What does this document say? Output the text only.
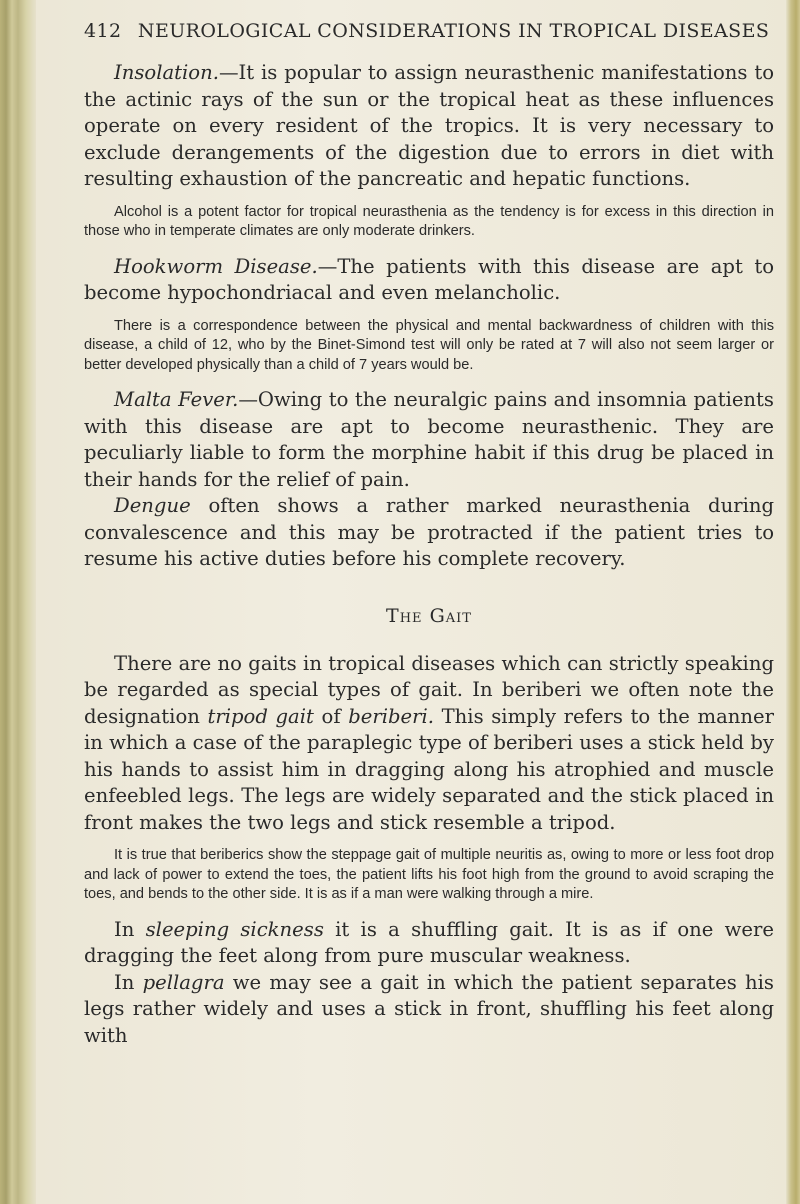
412 NEUROLOGICAL CONSIDERATIONS IN TROPICAL DISEASES

Insolation.—It is popular to assign neurasthenic manifestations to the actinic rays of the sun or the tropical heat as these influences operate on every resident of the tropics. It is very necessary to exclude derangements of the digestion due to errors in diet with resulting exhaustion of the pancreatic and hepatic functions.

Alcohol is a potent factor for tropical neurasthenia as the tendency is for excess in this direction in those who in temperate climates are only moderate drinkers.

Hookworm Disease.—The patients with this disease are apt to become hypochondriacal and even melancholic.

There is a correspondence between the physical and mental backwardness of children with this disease, a child of 12, who by the Binet-Simond test will only be rated at 7 will also not seem larger or better developed physically than a child of 7 years would be.

Malta Fever.—Owing to the neuralgic pains and insomnia patients with this disease are apt to become neurasthenic. They are peculiarly liable to form the morphine habit if this drug be placed in their hands for the relief of pain.

Dengue often shows a rather marked neurasthenia during convalescence and this may be protracted if the patient tries to resume his active duties before his complete recovery.

The Gait

There are no gaits in tropical diseases which can strictly speaking be regarded as special types of gait. In beriberi we often note the designation tripod gait of beriberi. This simply refers to the manner in which a case of the paraplegic type of beriberi uses a stick held by his hands to assist him in dragging along his atrophied and muscle enfeebled legs. The legs are widely separated and the stick placed in front makes the two legs and stick resemble a tripod.

It is true that beriberics show the steppage gait of multiple neuritis as, owing to more or less foot drop and lack of power to extend the toes, the patient lifts his foot high from the ground to avoid scraping the toes, and bends to the other side. It is as if a man were walking through a mire.

In sleeping sickness it is a shuffling gait. It is as if one were dragging the feet along from pure muscular weakness.

In pellagra we may see a gait in which the patient separates his legs rather widely and uses a stick in front, shuffling his feet along with
